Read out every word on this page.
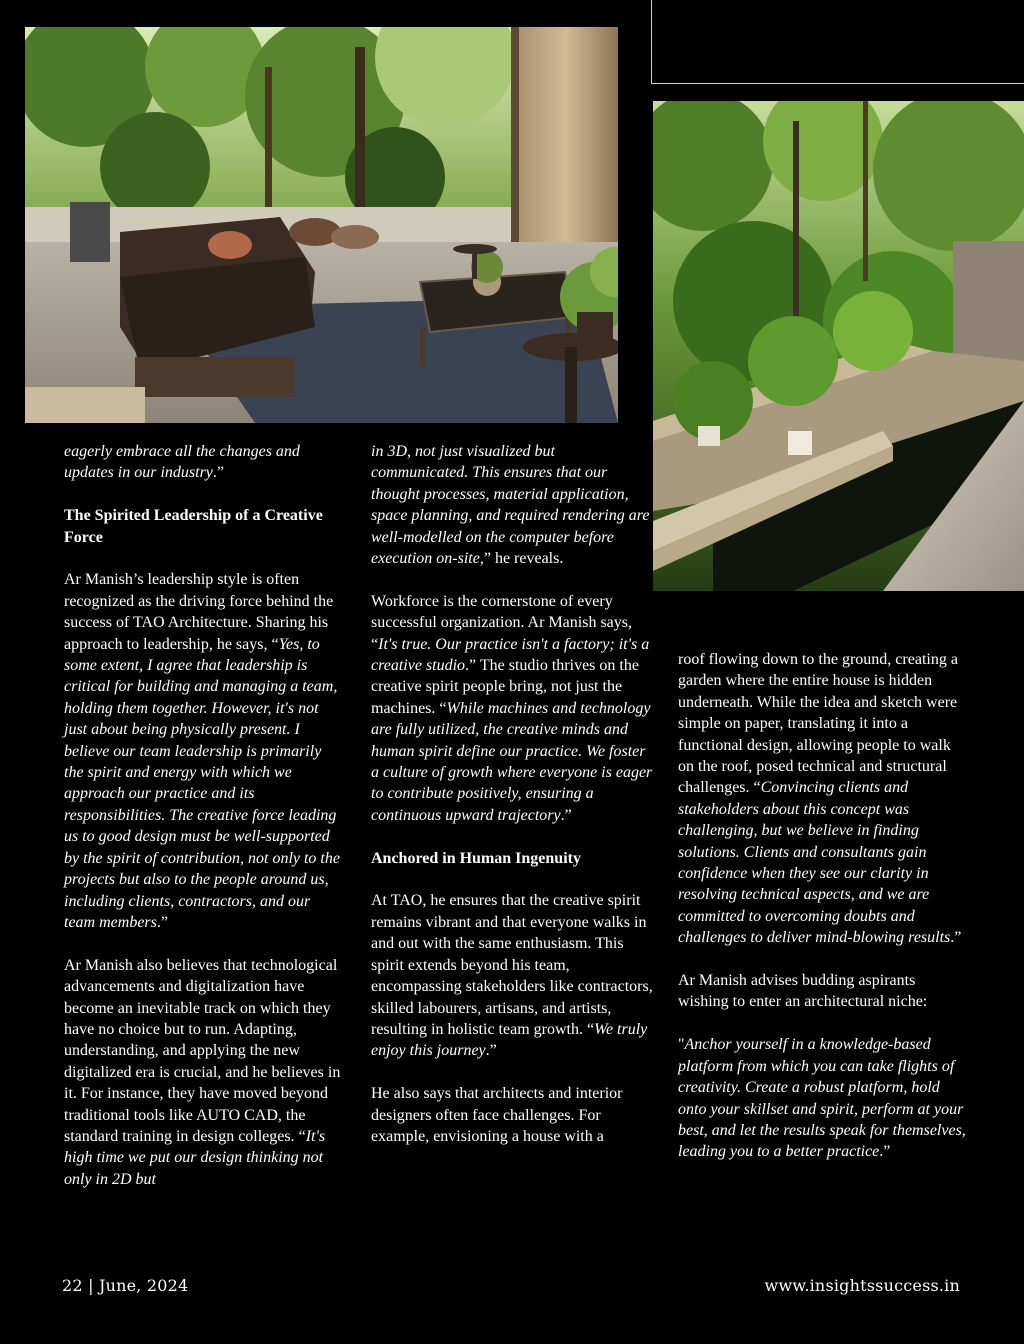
eagerly embrace all the changes and updates in our industry.”

The Spirited Leadership of a Creative Force

Ar Manish’s leadership style is often recognized as the driving force behind the success of TAO Architecture. Sharing his approach to leadership, he says, “Yes, to some extent, I agree that leadership is critical for building and managing a team, holding them together. However, it's not just about being physically present. I believe our team leadership is primarily the spirit and energy with which we approach our practice and its responsibilities. The creative force leading us to good design must be well-supported by the spirit of contribution, not only to the projects but also to the people around us, including clients, contractors, and our team members.”

Ar Manish also believes that technological advancements and digitalization have become an inevitable track on which they have no choice but to run. Adapting, understanding, and applying the new digitalized era is crucial, and he believes in it. For instance, they have moved beyond traditional tools like AUTO CAD, the standard training in design colleges. “It's high time we put our design thinking not only in 2D but

in 3D, not just visualized but communicated. This ensures that our thought processes, material application, space planning, and required rendering are well-modelled on the computer before execution on-site,” he reveals.

Workforce is the cornerstone of every successful organization. Ar Manish says, “It's true. Our practice isn't a factory; it's a creative studio.” The studio thrives on the creative spirit people bring, not just the machines. “While machines and technology are fully utilized, the creative minds and human spirit define our practice. We foster a culture of growth where everyone is eager to contribute positively, ensuring a continuous upward trajectory.”

Anchored in Human Ingenuity

At TAO, he ensures that the creative spirit remains vibrant and that everyone walks in and out with the same enthusiasm. This spirit extends beyond his team, encompassing stakeholders like contractors, skilled labourers, artisans, and artists, resulting in holistic team growth. “We truly enjoy this journey.”

He also says that architects and interior designers often face challenges. For example, envisioning a house with a

roof flowing down to the ground, creating a garden where the entire house is hidden underneath. While the idea and sketch were simple on paper, translating it into a functional design, allowing people to walk on the roof, posed technical and structural challenges. “Convincing clients and stakeholders about this concept was challenging, but we believe in finding solutions. Clients and consultants gain confidence when they see our clarity in resolving technical aspects, and we are committed to overcoming doubts and challenges to deliver mind-blowing results.”

Ar Manish advises budding aspirants wishing to enter an architectural niche:

"Anchor yourself in a knowledge-based platform from which you can take flights of creativity. Create a robust platform, hold onto your skillset and spirit, perform at your best, and let the results speak for themselves, leading you to a better practice.”

22 | June, 2024	www.insightssuccess.in
